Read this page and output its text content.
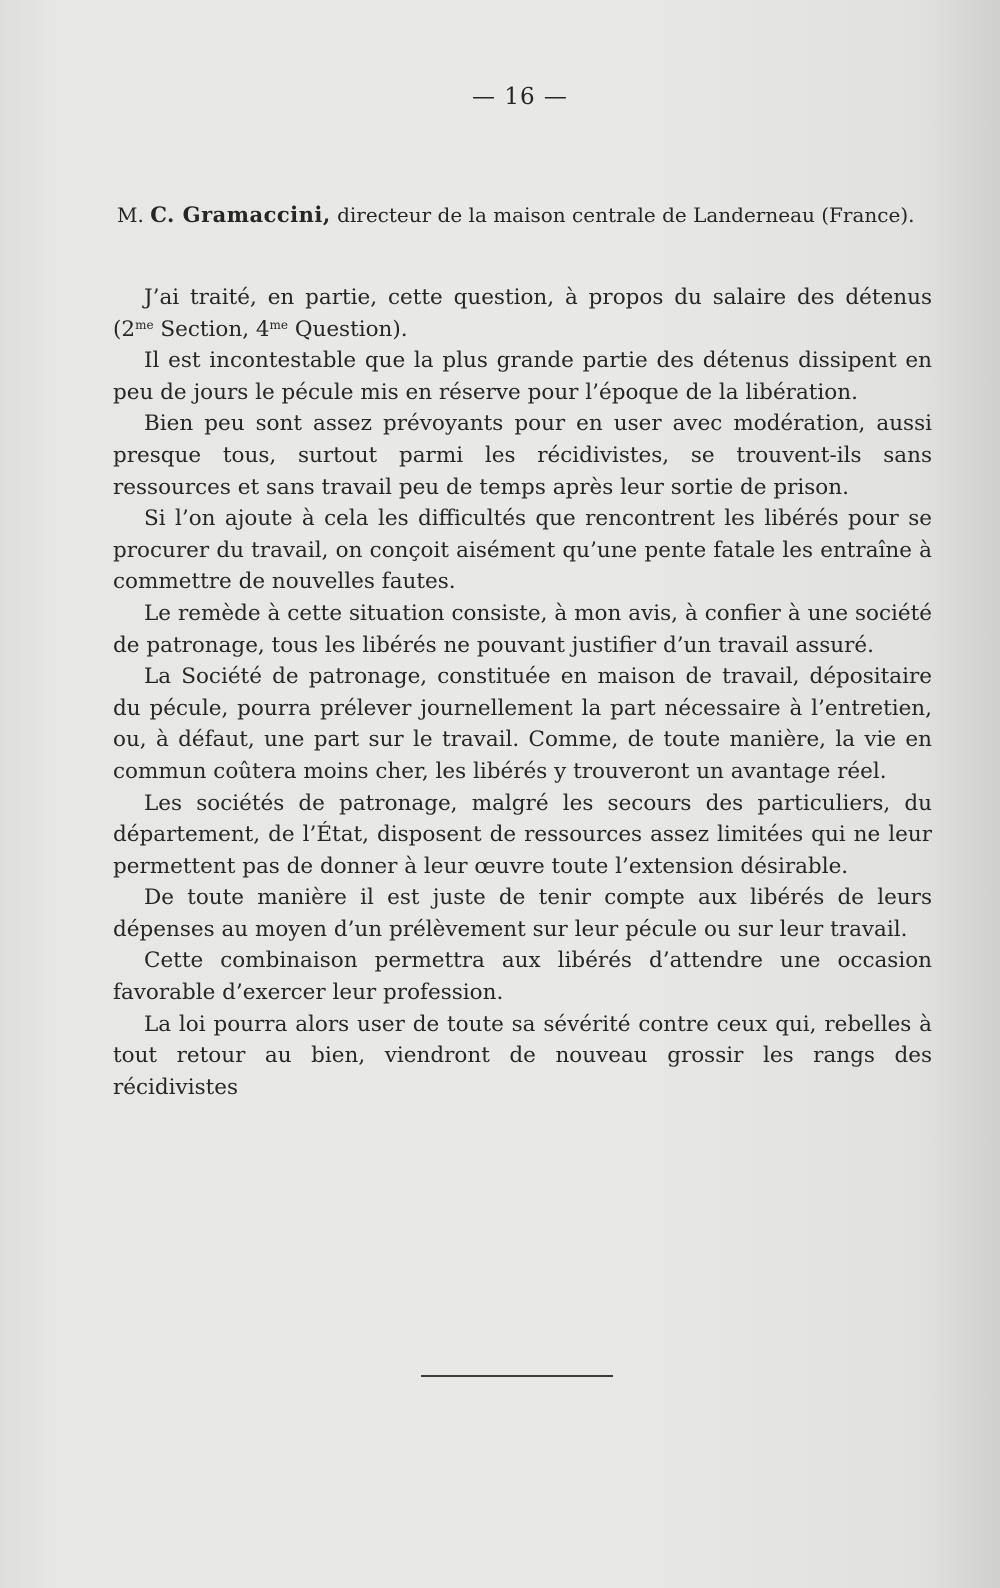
— 16 —
M. C. Gramaccini, directeur de la maison centrale de Landerneau (France).

J’ai traité, en partie, cette question, à propos du salaire des détenus ($2^{me}$ Section, $4^{me}$ Question).

Il est incontestable que la plus grande partie des détenus dissipent en peu de jours le pécule mis en réserve pour l’époque de la libération.

Bien peu sont assez prévoyants pour en user avec modération, aussi presque tous, surtout parmi les récidivistes, se trouvent-ils sans ressources et sans travail peu de temps après leur sortie de prison.

Si l’on ajoute à cela les difficultés que rencontrent les libérés pour se procurer du travail, on conçoit aisément qu’une pente fatale les entraîne à commettre de nouvelles fautes.

Le remède à cette situation consiste, à mon avis, à confier à une société de patronage, tous les libérés ne pouvant justifier d’un travail assuré.

La Société de patronage, constituée en maison de travail, dépositaire du pécule, pourra prélever journellement la part nécessaire à l’entretien, ou, à défaut, une part sur le travail. Comme, de toute manière, la vie en commun coûtera moins cher, les libérés y trouveront un avantage réel.

Les sociétés de patronage, malgré les secours des particuliers, du département, de l’État, disposent de ressources assez limitées qui ne leur permettent pas de donner à leur œuvre toute l’extension désirable.

De toute manière il est juste de tenir compte aux libérés de leurs dépenses au moyen d’un prélèvement sur leur pécule ou sur leur travail.

Cette combinaison permettra aux libérés d’attendre une occasion favorable d’exercer leur profession.

La loi pourra alors user de toute sa sévérité contre ceux qui, rebelles à tout retour au bien, viendront de nouveau grossir les rangs des récidivistes
